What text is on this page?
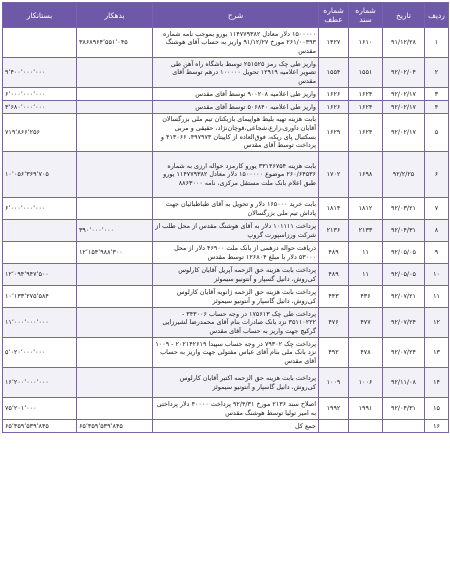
ردیف	تاریخ	شماره سند	شماره عطف	شرح	بدهکار	بستانکار
۱	۹۱/۱۲/۲۸	۱۶۱۰	۱۴۲۷	۱۵۰۰۰۰۰ دلار معادل ۱۱۴۷۷۹۳۸۲ یورو بموجب نامه شماره ۲۶۱/۰۰۳۹۳ مورخ ۹۱/۱۲/۲۷ واریز به حساب آقای هوشنگ مقدس	۳۸۶۸۹۶۴٬۵۵۱٬۰۴۵	
۲	۹۲/۰۲/۰۴	۱۵۵۱	۱۵۵۴	واریز طی چک رمز ۲۵۱۵۲۵ توسط باشگاه راه آهن طی تصویر اعلامیه ۱۲۹۱۹ تحویل ۱۰۰۰۰۰ درهم توسط آقای مقدس		۹٬۴۰۰٬۰۰۰٬۰۰۰
۳	۹۲/۰۲/۱۷	۱۶۲۴	۱۶۲۶	واریز طی اعلامیه ۹۰۰۲۰۸ توسط آقای مقدس		۶٬۰۰۰٬۰۰۰٬۰۰۰
۴	۹۲/۰۲/۱۷	۱۶۲۴	۱۶۲۶	واریز طی اعلامیه ۵۰۶۸۴۰ توسط آقای مقدس		۳٬۶۸۰٬۰۰۰٬۰۰۰
۵	۹۲/۰۲/۱۷	۱۶۲۴	۱۶۲۹	بابت هزینه تهیه بلیط هواپیمای بازیکنان تیم ملی بزرگسالان آقایان داوری،زارع،شجاعی،قوچان‌نژاد، حقیقی و مربی بسکتبال پای ریکه، فوق‌العاده از کاپیتان ۴۹۷۹۷۳، ۴۱۳۰۶۶ و پرداخت توسط آقای مقدس		۷۱۹٬۸۶۶٬۲۵۶
۶	۹۲/۲/۲۵	۱۶۹۸	۱۷۰۲	بابت هزینه ۳۳۱۴۶۷۵۴ یورو کارمزد حواله ارزی به شماره ۲۶۰/۶۴۵۳۶ موضوع ۱۵۰۰۰۰۰ دلار معادل ۱۱۴۷۷۹۳۸۲ یورو طبق اعلام بانک ملت مستقل مرکزی، نامه ۸۸۶۳۰۰۰		۱۰٬۰۵۶٬۳۶۹٬۷۰۵
۷	۹۲/۰۳/۲۱	۱۸۱۲	۱۸۱۴	بابت خرید ۱۶۵۰۰۰ دلار و تحویل به آقای طباطبائیان جهت پاداش تیم ملی بزرگسالان		۶٬۰۰۰٬۰۰۰٬۰۰۰
۸	۹۲/۰۴/۳۱	۲۱۳۳	۲۱۳۶	پرداخت ۱۰۱۱۱۱ دلار به آقای هوشنگ مقدس از محل طلب از شرکت ورزاسپورت گروپ	۳۹۰٬۰۰۰٬۰۰۰	
۹	۹۲/۰۵/۰۵	۱۱	۴۸۹	دریافت حواله درهمی از بانک ملت ۴۶۹۰۰ دلار از محل ۵۳۰۰۰ دلار با مبلغ ۱۲۶۸۰۴ توسط مقدس	۱۲٬۱۵۴٬۹۸۸٬۳۰۰	
۱۰	۹۲/۰۵/۰۵	۱۱	۴۸۹	پرداخت بابت هزینه حق الزحمه آپریل آقایان کارلوس کی‌روش، دانیل گسپار و آنتونیو سیموئز		۱۲٬۰۹۴٬۹۴۷٬۵۰۰
۱۱	۹۲/۰۷/۲۱	۴۳۶	۴۴۳	پرداخت بابت هزینه حق الزحمه ژانویه آقایان کارلوس کی‌روش، دانیل گاسپار و آنتونیو سیموئز		۱۰٬۱۳۳٬۲۷۵٬۵۸۴
۱۲	۹۲/۰۷/۲۴	۴۷۷	۴۷۶	پرداخت طی چک ۱۷۵۶۱۳ در وجه حساب ۳۴۳۰۰۶ - ۳۵۱۱۰۲۲۲ نزد بانک صادرات بنام آقای محمدرضا لشیرزایی گرکیچ جهت واریز به حساب آقای مقدس		۱۱٬۰۰۰٬۰۰۰٬۰۰۰
۱۳	۹۲/۰۷/۲۴	۴۷۸	۴۹۲	پرداخت چک ۷۹۳۰۲ در وجه حساب سپیدا ۲۰۲۱۴۲۶۱۹ - ۱۰۰۹ نزد بانک ملی بنام آقای عباس مقتولی جهت واریز به حساب آقای مقدس		۵٬۰۲۰٬۰۰۰٬۰۰۰
۱۴	۹۲/۱۱/۰۸	۱۰۰۶	۱۰۰۹	پرداخت بابت هزینه حق الزحمه اکتبر آقایان کارلوس کی‌روش، دانیل گاسپار و آنتونیو سیموئز		۱۶٬۲۰۰٬۰۰۰٬۰۰۰
۱۵	۹۲/۰۴/۳۱	۱۹۹۱	۱۹۹۲	اصلاح سند ۲۱۳۶ مورخ ۹۲/۴/۳۱ پرداخت ۴۰۰۰۰ دلار پرداختی به امیر تولیا توسط هوشنگ مقدس		۷۵٬۲۰۱٬۰۰۰
۱۶				جمع کل	۶۵٬۳۵۹٬۵۳۹٬۸۴۵	۶۵٬۳۵۹٬۵۳۹٬۸۴۵
